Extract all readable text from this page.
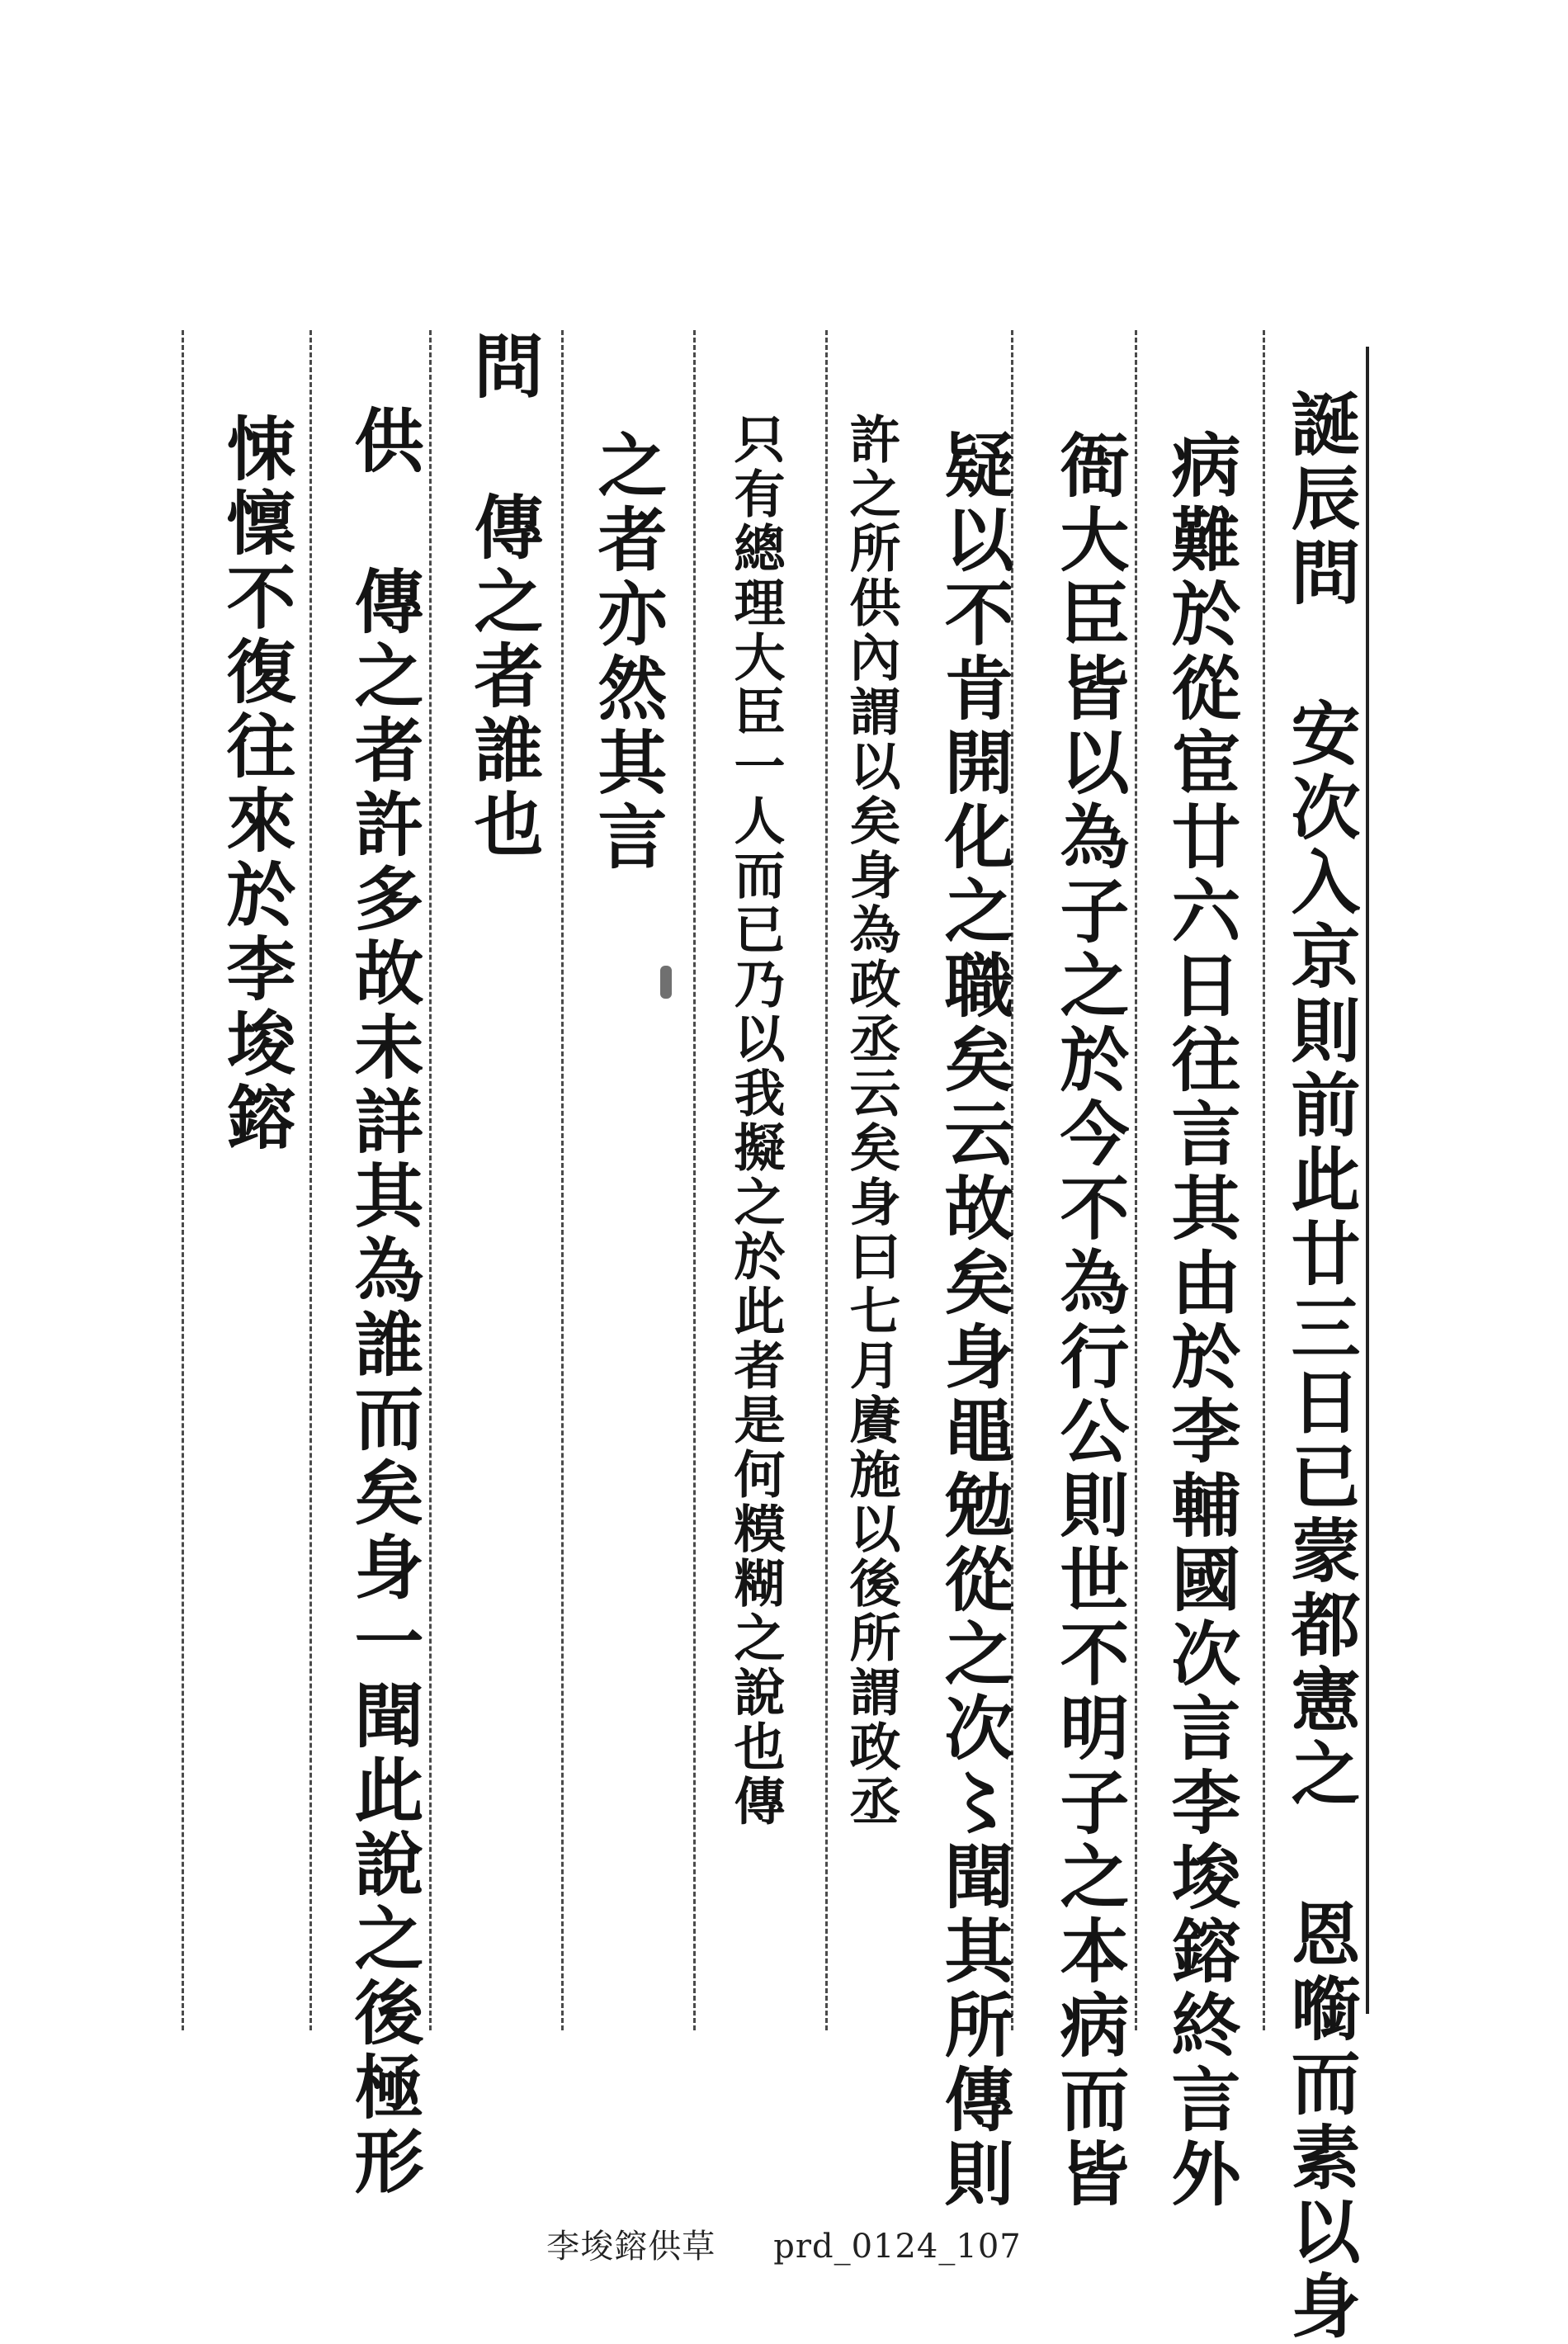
誕辰問 安次入京則前此廿三日已蒙都憲之 恩㘅而素以身
病難於從宦廿六日往言其由於李輔國次言李埈鎔終言外
衙大臣皆以為子之於今不為行公則世不明子之本病而皆
疑以不肯開化之職矣云故矣身黽勉從之次〻聞其所傳則
許之所供內謂以矣身為政丞云矣身曰七月賡施以後所謂政丞
只有總理大臣一人而已乃以我擬之於此者是何糢糊之說也傳
之者亦然其言
問 傳之者誰也
供 傳之者許多故未詳其為誰而矣身一聞此說之後極形
悚懍不復往來於李埈鎔
李埈鎔供草 prd_0124_107
